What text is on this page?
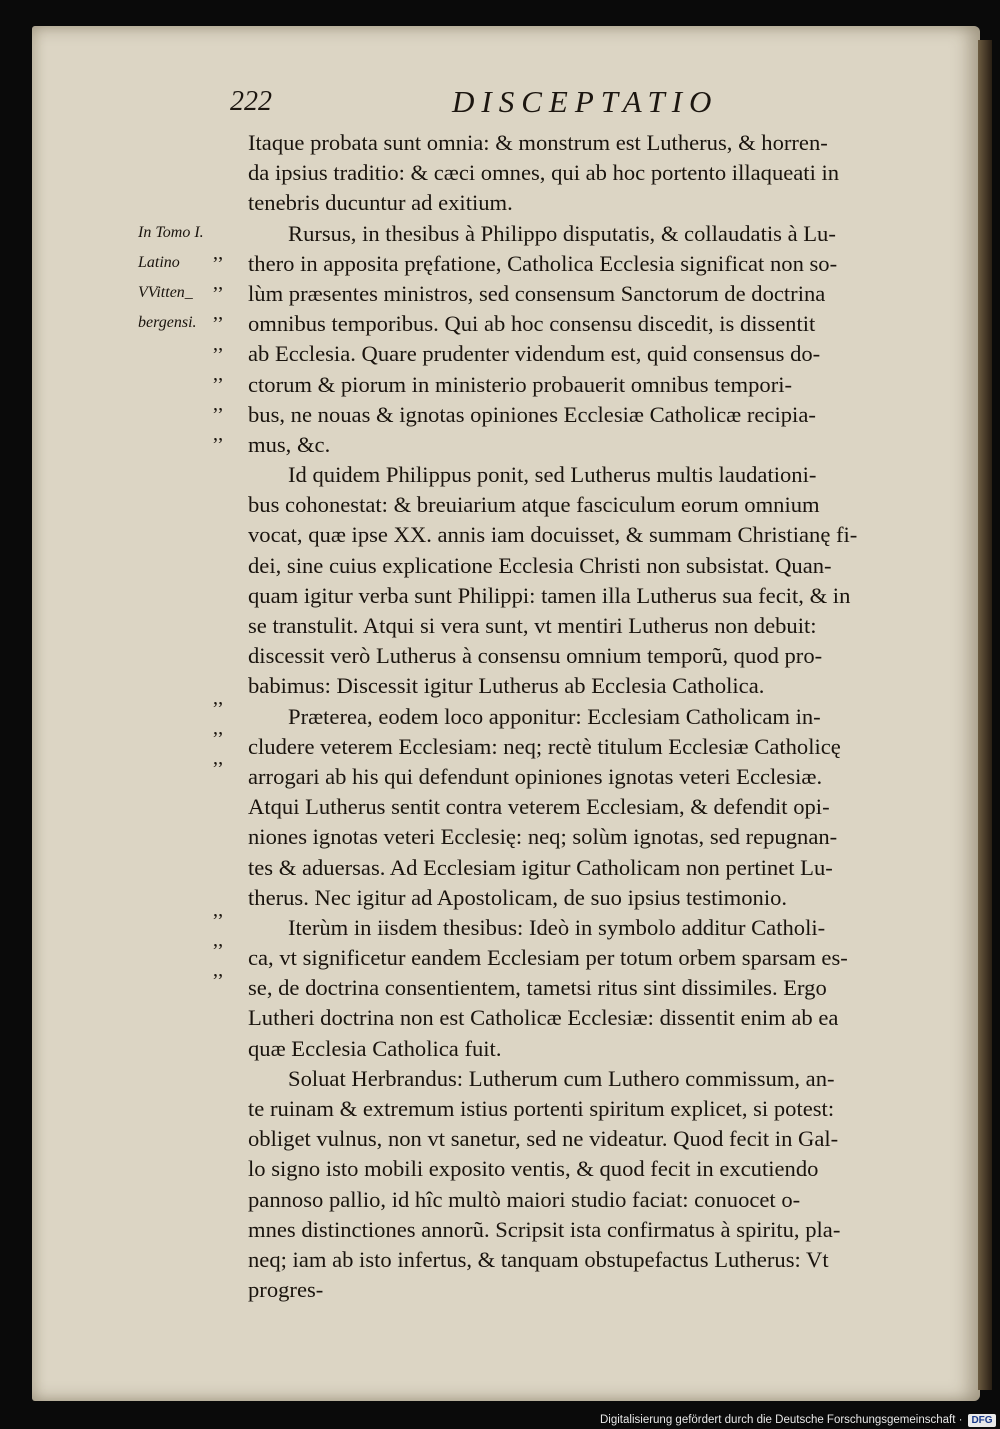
222	DISCEPTATIO
In Tomo I.
Latino
VVitten_
bergensi.
’’
’’
’’
’’
’’
’’
’’
’’
’’
’’
’’
’’
’’
Itaque probata sunt omnia: & monstrum est Lutherus, & horren-
da ipsius traditio: & cæci omnes, qui ab hoc portento illaqueati in
tenebris ducuntur ad exitium.
Rursus, in thesibus à Philippo disputatis, & collaudatis à Lu-
thero in apposita pręfatione, Catholica Ecclesia significat non so-
lùm præsentes ministros, sed consensum Sanctorum de doctrina
omnibus temporibus. Qui ab hoc consensu discedit, is dissentit
ab Ecclesia. Quare prudenter videndum est, quid consensus do-
ctorum & piorum in ministerio probauerit omnibus tempori-
bus, ne nouas & ignotas opiniones Ecclesiæ Catholicæ recipia-
mus, &c.
Id quidem Philippus ponit, sed Lutherus multis laudationi-
bus cohonestat: & breuiarium atque fasciculum eorum omnium
vocat, quæ ipse XX. annis iam docuisset, & summam Christianę fi-
dei, sine cuius explicatione Ecclesia Christi non subsistat. Quan-
quam igitur verba sunt Philippi: tamen illa Lutherus sua fecit, & in
se transtulit. Atqui si vera sunt, vt mentiri Lutherus non debuit:
discessit verò Lutherus à consensu omnium temporũ, quod pro-
babimus: Discessit igitur Lutherus ab Ecclesia Catholica.
Præterea, eodem loco apponitur: Ecclesiam Catholicam in-
cludere veterem Ecclesiam: neq; rectè titulum Ecclesiæ Catholicę
arrogari ab his qui defendunt opiniones ignotas veteri Ecclesiæ.
Atqui Lutherus sentit contra veterem Ecclesiam, & defendit opi-
niones ignotas veteri Ecclesię: neq; solùm ignotas, sed repugnan-
tes & aduersas. Ad Ecclesiam igitur Catholicam non pertinet Lu-
therus. Nec igitur ad Apostolicam, de suo ipsius testimonio.
Iterùm in iisdem thesibus: Ideò in symbolo additur Catholi-
ca, vt significetur eandem Ecclesiam per totum orbem sparsam es-
se, de doctrina consentientem, tametsi ritus sint dissimiles. Ergo
Lutheri doctrina non est Catholicæ Ecclesiæ: dissentit enim ab ea
quæ Ecclesia Catholica fuit.
Soluat Herbrandus: Lutherum cum Luthero commissum, an-
te ruinam & extremum istius portenti spiritum explicet, si potest:
obliget vulnus, non vt sanetur, sed ne videatur. Quod fecit in Gal-
lo signo isto mobili exposito ventis, & quod fecit in excutiendo
pannoso pallio, id hîc multò maiori studio faciat: conuocet o-
mnes distinctiones annorũ. Scripsit ista confirmatus à spiritu, pla-
neq; iam ab isto infertus, & tanquam obstupefactus Lutherus: Vt
progres-
Digitalisierung gefördert durch die Deutsche Forschungsgemeinschaft · DFG
